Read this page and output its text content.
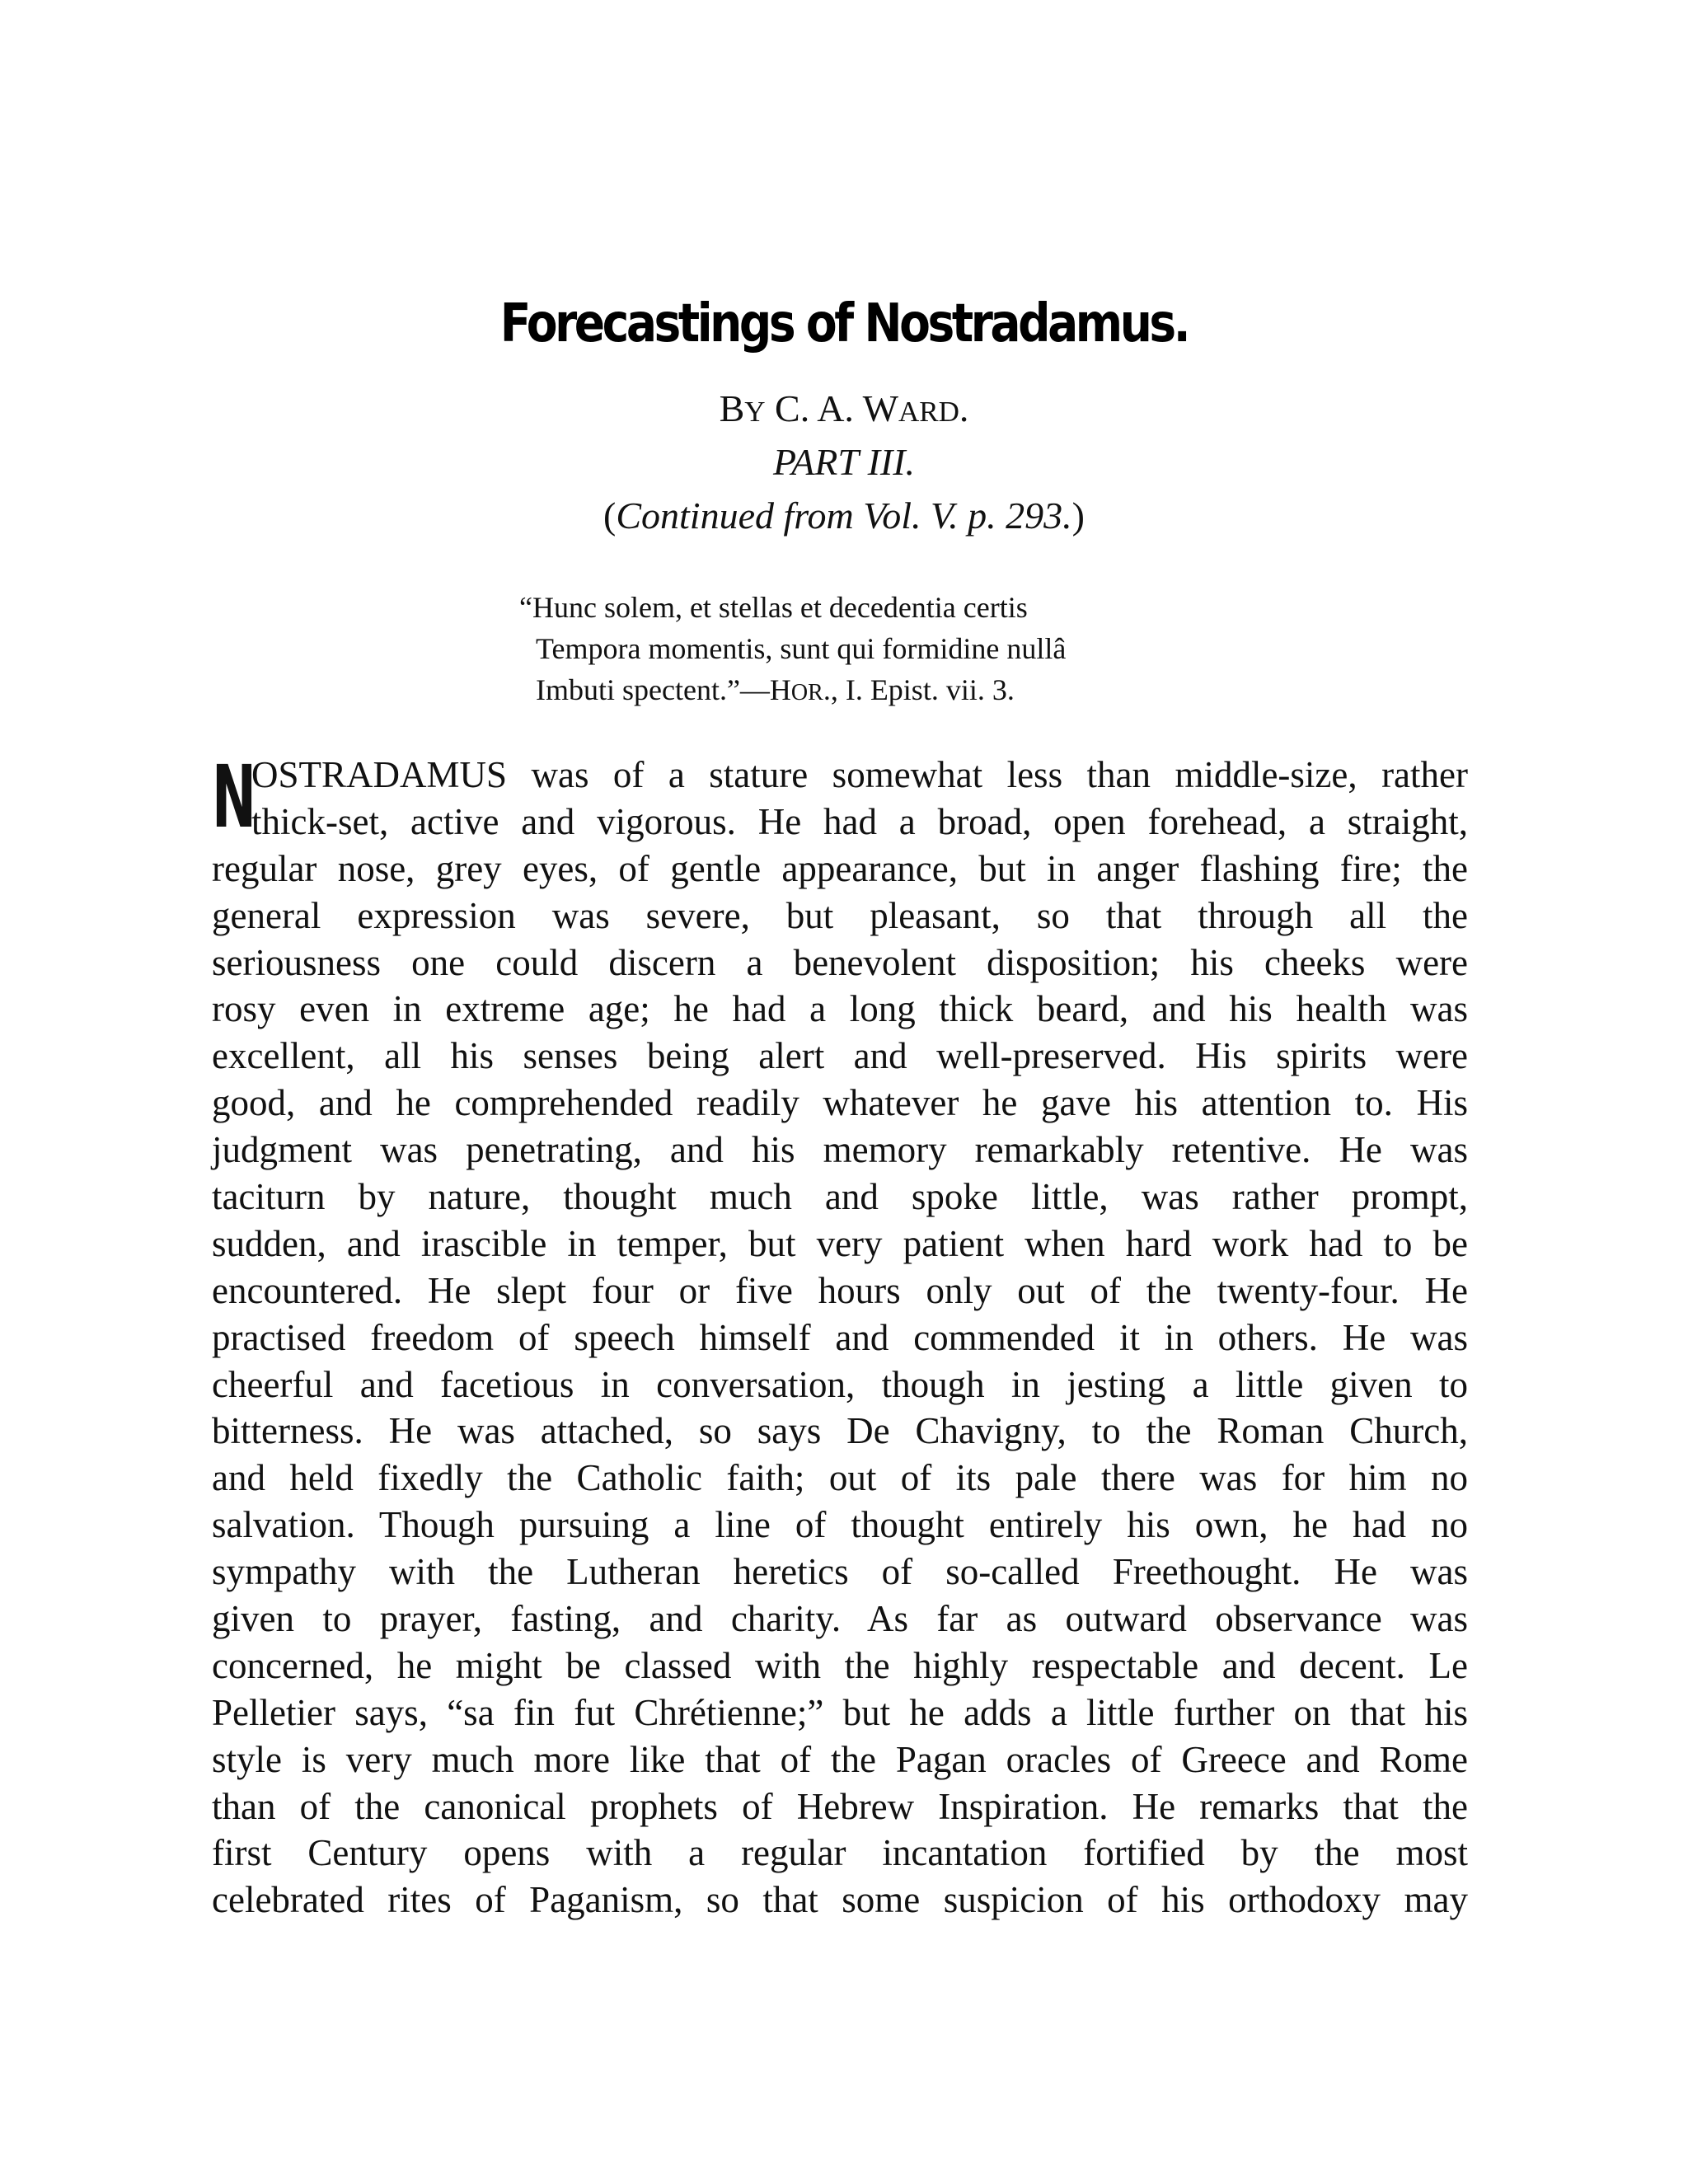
Forecastings of Nostradamus.
BY C. A. WARD.
PART III.
(Continued from Vol. V. p. 293.)
“Hunc solem, et stellas et decedentia certis
Tempora momentis, sunt qui formidine nullâ
Imbuti spectent.”—HOR., I. Epist. vii. 3.
N
OSTRADAMUS was of a stature somewhat less than middle-size, rather
thick-set, active and vigorous. He had a broad, open forehead, a straight,
regular nose, grey eyes, of gentle appearance, but in anger flashing fire; the
general expression was severe, but pleasant, so that through all the
seriousness one could discern a benevolent disposition; his cheeks were
rosy even in extreme age; he had a long thick beard, and his health was
excellent, all his senses being alert and well-preserved. His spirits were
good, and he comprehended readily whatever he gave his attention to. His
judgment was penetrating, and his memory remarkably retentive. He was
taciturn by nature, thought much and spoke little, was rather prompt,
sudden, and irascible in temper, but very patient when hard work had to be
encountered. He slept four or five hours only out of the twenty-four. He
practised freedom of speech himself and commended it in others. He was
cheerful and facetious in conversation, though in jesting a little given to
bitterness. He was attached, so says De Chavigny, to the Roman Church,
and held fixedly the Catholic faith; out of its pale there was for him no
salvation. Though pursuing a line of thought entirely his own, he had no
sympathy with the Lutheran heretics of so-called Freethought. He was
given to prayer, fasting, and charity. As far as outward observance was
concerned, he might be classed with the highly respectable and decent. Le
Pelletier says, “sa fin fut Chrétienne;” but he adds a little further on that his
style is very much more like that of the Pagan oracles of Greece and Rome
than of the canonical prophets of Hebrew Inspiration. He remarks that the
first Century opens with a regular incantation fortified by the most
celebrated rites of Paganism, so that some suspicion of his orthodoxy may
